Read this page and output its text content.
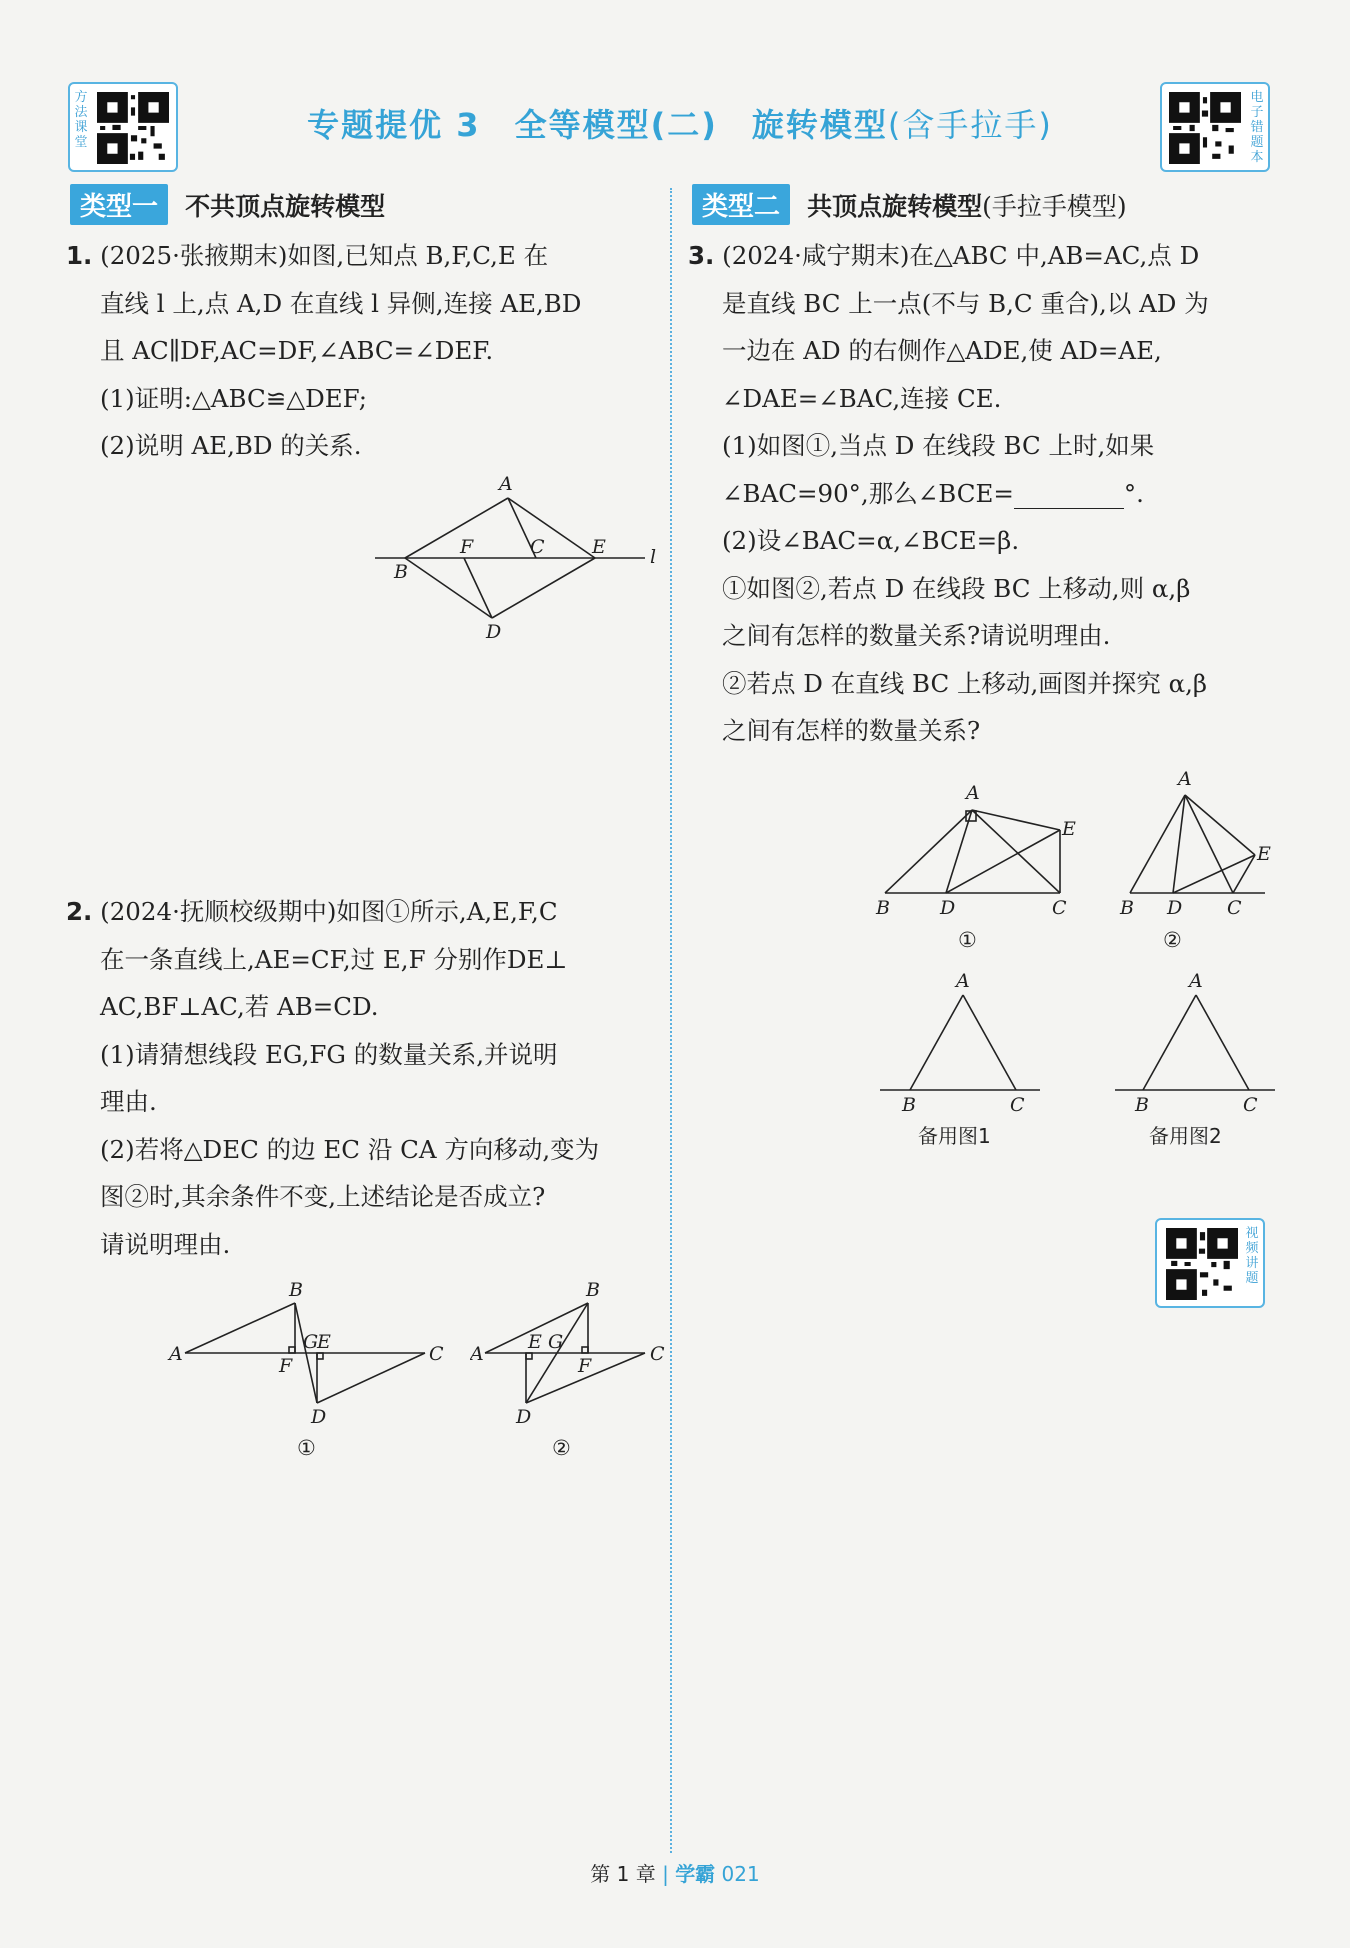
方法课堂	专题提优 3 全等模型(二) 旋转模型(含手拉手)
电子错题本
类型一 不共顶点旋转模型	类型二 共顶点旋转模型(手拉手模型)

1. (2025·张掖期末)如图,已知点 B,F,C,E 在

直线 l 上,点 A,D 在直线 l 异侧,连接 AE,BD

且 AC∥DF,AC=DF,∠ABC=∠DEF.

(1)证明:△ABC≌△DEF;

(2)说明 AE,BD 的关系.

A
B
F	C E
D
l

2. (2024·抚顺校级期中)如图①所示,A,E,F,C

在一条直线上,AE=CF,过 E,F 分别作DE⊥

AC,BF⊥AC,若 AB=CD.

(1)请猜想线段 EG,FG 的数量关系,并说明

理由.

(2)若将△DEC 的边 EC 沿 CA 方向移动,变为

图②时,其余条件不变,上述结论是否成立?

请说明理由.

B
A
G
E
F
C
D
①
B
A
E G
F
C
D
②

3. (2024·咸宁期末)在△ABC 中,AB=AC,点 D

是直线 BC 上一点(不与 B,C 重合),以 AD 为

一边在 AD 的右侧作△ADE,使 AD=AE,

∠DAE=∠BAC,连接 CE.

(1)如图①,当点 D 在线段 BC 上时,如果

∠BAC=90°,那么∠BCE=	°.

(2)设∠BAC=α,∠BCE=β.

①如图②,若点 D 在线段 BC 上移动,则 α,β

之间有怎样的数量关系?请说明理由.

②若点 D 在直线 BC 上移动,画图并探究 α,β

之间有怎样的数量关系?

A
B	D	C
E
①
A
B D C
E
②
A
B	C
备用图1
A
B	C
备用图2
视频讲题
第 1 章 | 学霸 021
